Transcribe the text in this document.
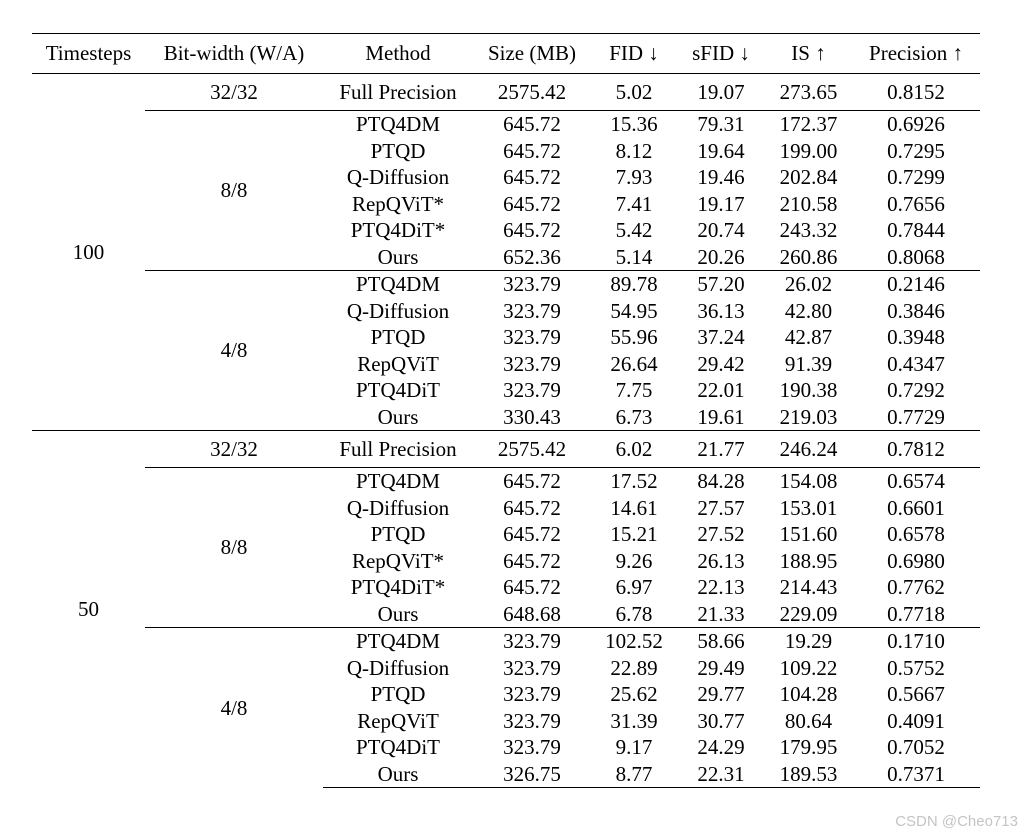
Timesteps	Bit-width (W/A)	Method	Size (MB)	FID ↓	sFID ↓	IS ↑	Precision ↑
100	32/32	Full Precision	2575.42	5.02	19.07	273.65	0.8152
	8/8	PTQ4DM	645.72	15.36	79.31	172.37	0.6926
		PTQD	645.72	8.12	19.64	199.00	0.7295
		Q-Diffusion	645.72	7.93	19.46	202.84	0.7299
		RepQViT*	645.72	7.41	19.17	210.58	0.7656
		PTQ4DiT*	645.72	5.42	20.74	243.32	0.7844
		Ours	652.36	5.14	20.26	260.86	0.8068
	4/8	PTQ4DM	323.79	89.78	57.20	26.02	0.2146
		Q-Diffusion	323.79	54.95	36.13	42.80	0.3846
		PTQD	323.79	55.96	37.24	42.87	0.3948
		RepQViT	323.79	26.64	29.42	91.39	0.4347
		PTQ4DiT	323.79	7.75	22.01	190.38	0.7292
		Ours	330.43	6.73	19.61	219.03	0.7729
50	32/32	Full Precision	2575.42	6.02	21.77	246.24	0.7812
	8/8	PTQ4DM	645.72	17.52	84.28	154.08	0.6574
		Q-Diffusion	645.72	14.61	27.57	153.01	0.6601
		PTQD	645.72	15.21	27.52	151.60	0.6578
		RepQViT*	645.72	9.26	26.13	188.95	0.6980
		PTQ4DiT*	645.72	6.97	22.13	214.43	0.7762
		Ours	648.68	6.78	21.33	229.09	0.7718
	4/8	PTQ4DM	323.79	102.52	58.66	19.29	0.1710
		Q-Diffusion	323.79	22.89	29.49	109.22	0.5752
		PTQD	323.79	25.62	29.77	104.28	0.5667
		RepQViT	323.79	31.39	30.77	80.64	0.4091
		PTQ4DiT	323.79	9.17	24.29	179.95	0.7052
		Ours	326.75	8.77	22.31	189.53	0.7371
CSDN @Cheo713
